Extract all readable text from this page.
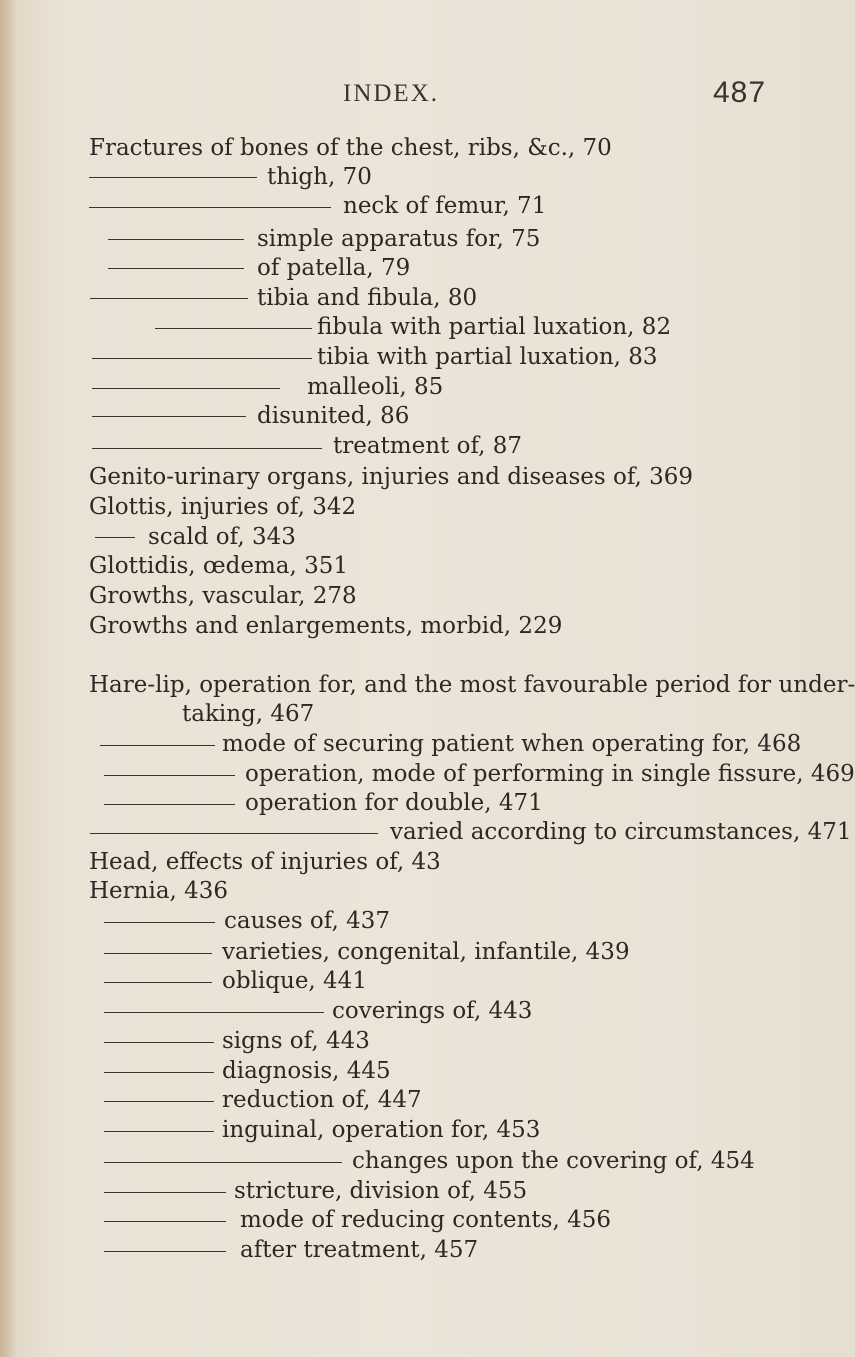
INDEX.	487
Fractures of bones of the chest, ribs, &c., 70
thigh, 70
neck of femur, 71
simple apparatus for, 75
of patella, 79
tibia and fibula, 80
fibula with partial luxation, 82
tibia with partial luxation, 83
malleoli, 85
disunited, 86
treatment of, 87
Genito-urinary organs, injuries and diseases of, 369
Glottis, injuries of, 342
scald of, 343
Glottidis, œdema, 351
Growths, vascular, 278
Growths and enlargements, morbid, 229
Hare-lip, operation for, and the most favourable period for under-
taking, 467
mode of securing patient when operating for, 468
operation, mode of performing in single fissure, 469
operation for double, 471
varied according to circumstances, 471
Head, effects of injuries of, 43
Hernia, 436
causes of, 437
varieties, congenital, infantile, 439
oblique, 441
coverings of, 443
signs of, 443
diagnosis, 445
reduction of, 447
inguinal, operation for, 453
changes upon the covering of, 454
stricture, division of, 455
mode of reducing contents, 456
after treatment, 457
